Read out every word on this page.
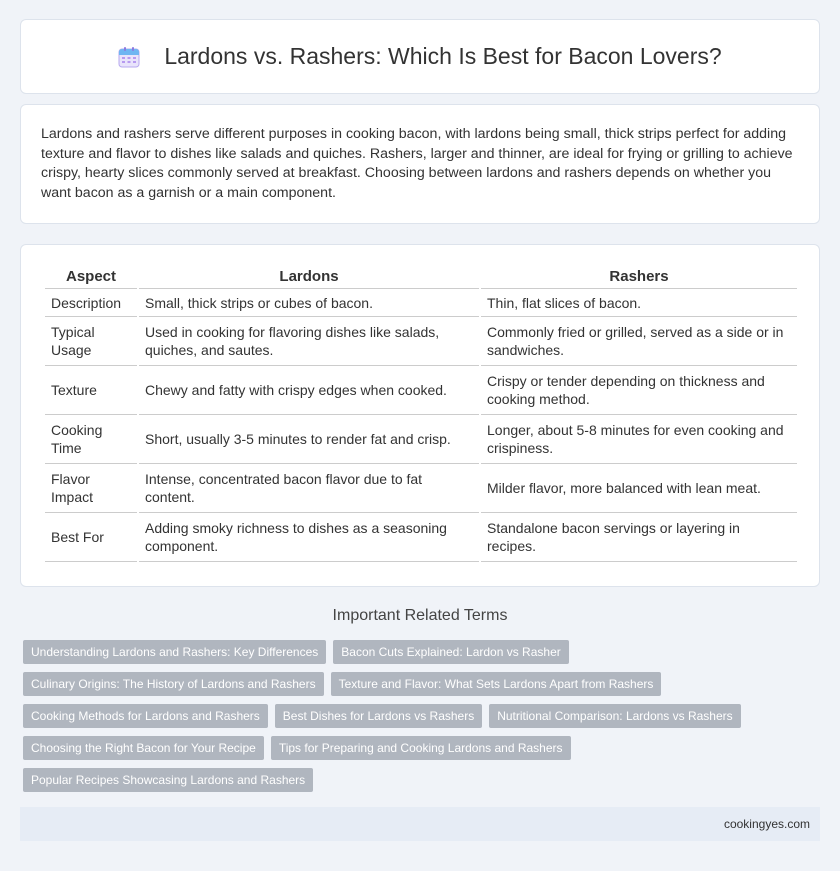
Lardons vs. Rashers: Which Is Best for Bacon Lovers?

Lardons and rashers serve different purposes in cooking bacon, with lardons being small, thick strips perfect for adding texture and flavor to dishes like salads and quiches. Rashers, larger and thinner, are ideal for frying or grilling to achieve crispy, hearty slices commonly served at breakfast. Choosing between lardons and rashers depends on whether you want bacon as a garnish or a main component.

Aspect	Lardons	Rashers
Description	Small, thick strips or cubes of bacon.	Thin, flat slices of bacon.
Typical Usage	Used in cooking for flavoring dishes like salads, quiches, and sautes.	Commonly fried or grilled, served as a side or in sandwiches.
Texture	Chewy and fatty with crispy edges when cooked.	Crispy or tender depending on thickness and cooking method.
Cooking Time	Short, usually 3-5 minutes to render fat and crisp.	Longer, about 5-8 minutes for even cooking and crispiness.
Flavor Impact	Intense, concentrated bacon flavor due to fat content.	Milder flavor, more balanced with lean meat.
Best For	Adding smoky richness to dishes as a seasoning component.	Standalone bacon servings or layering in recipes.
Important Related Terms
Understanding Lardons and Rashers: Key Differences	Bacon Cuts Explained: Lardon vs Rasher
Culinary Origins: The History of Lardons and Rashers	Texture and Flavor: What Sets Lardons Apart from Rashers
Cooking Methods for Lardons and Rashers	Best Dishes for Lardons vs Rashers	Nutritional Comparison: Lardons vs Rashers
Choosing the Right Bacon for Your Recipe	Tips for Preparing and Cooking Lardons and Rashers
Popular Recipes Showcasing Lardons and Rashers
cookingyes.com
